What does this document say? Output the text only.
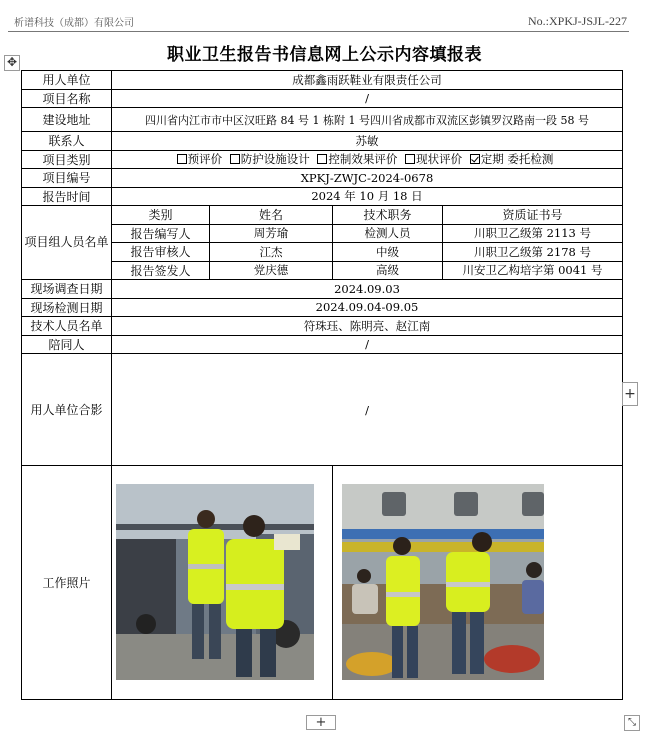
析谱科技（成都）有限公司	No.:XPKJ-JSJL-227
✥	职业卫生报告书信息网上公示内容填报表
用人单位	成都鑫雨跃鞋业有限责任公司			
项目名称	/			
建设地址	四川省内江市市中区汉旺路 84 号 1 栋附 1 号四川省成都市双流区彭镇罗汉路南一段 58 号			
联系人	苏敏			
项目类别	预评价 防护设施设计 控制效果评价 现状评价 定期 委托检测			
项目编号	XPKJ-ZWJC-2024-0678			
报告时间	2024 年 10 月 18 日			
项目组人员名单	类别	姓名	技术职务	资质证书号
	报告编写人	周芳瑜	检测人员	川职卫乙级第 2113 号
	报告审核人	江杰	中级	川职卫乙级第 2178 号
	报告签发人	党庆德	高级	川安卫乙构培字第 0041 号
现场调查日期	2024.09.03			
现场检测日期	2024.09.04-09.05			
技术人员名单	符珠珏、陈明亮、赵江南			
陪同人	/			
用人单位合影	/			
工作照片	

+
+	⤡
